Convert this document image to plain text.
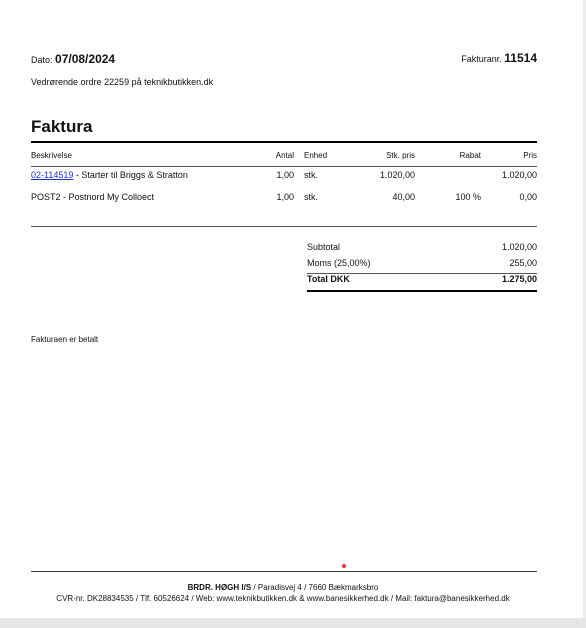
Dato: 07/08/2024	Fakturanr. 11514
Vedrørende ordre 22259 på teknikbutikken.dk
Faktura
Beskrivelse	Antal	Enhed	Stk. pris	Rabat	Pris
02-114519 - Starter til Briggs & Stratton	1,00	stk.	1.020,00		1.020,00
POST2 - Postnord My Colloect	1,00	stk.	40,00	100 %	0,00
Subtotal	1.020,00
Moms (25,00%)	255,00
Total DKK	1.275,00
Fakturaen er betalt
BRDR. HØGH I/S / Paradisvej 4 / 7660 Bækmarksbro
CVR-nr. DK28834535 / Tlf. 60526624 / Web: www.teknikbutikken.dk & www.banesikkerhed.dk / Mail: faktura@banesikkerhed.dk
